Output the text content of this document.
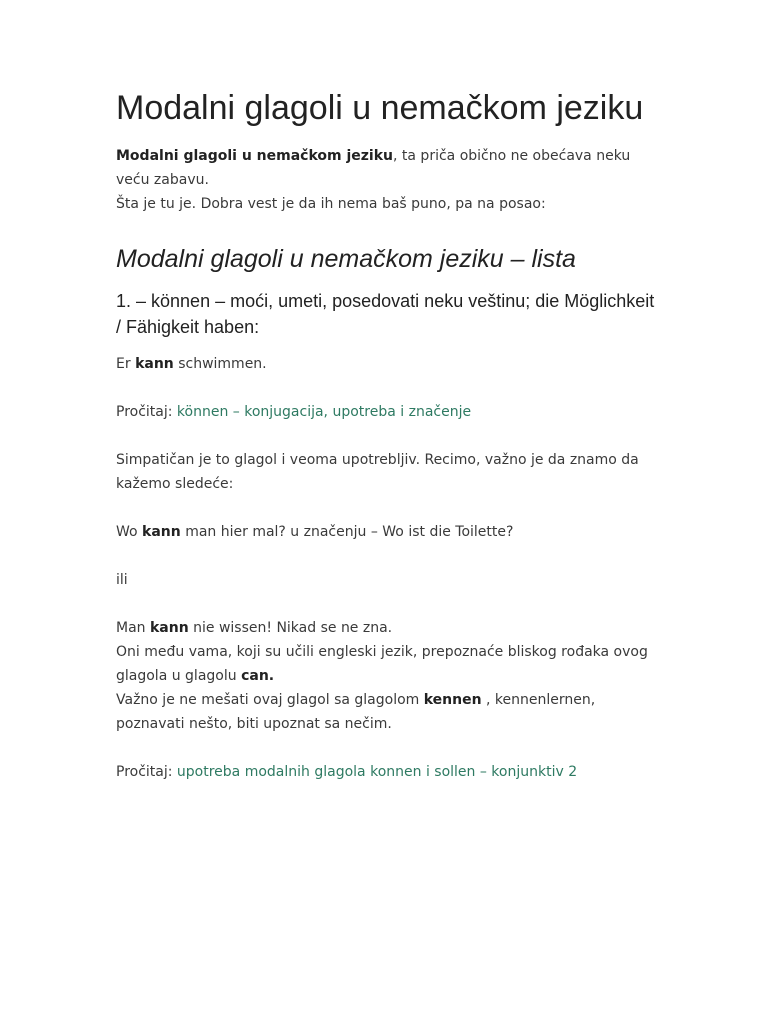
Modalni glagoli u nemačkom jeziku

Modalni glagoli u nemačkom jeziku, ta priča obično ne obećava neku veću zabavu.
Šta je tu je. Dobra vest je da ih nema baš puno, pa na posao:

Modalni glagoli u nemačkom jeziku – lista
1. – können – moći, umeti, posedovati neku veštinu; die Möglichkeit / Fähigkeit haben:

Er kann schwimmen.

Pročitaj: können – konjugacija, upotreba i značenje

Simpatičan je to glagol i veoma upotrebljiv. Recimo, važno je da znamo da kažemo sledeće:

Wo kann man hier mal? u značenju – Wo ist die Toilette?

ili

Man kann nie wissen! Nikad se ne zna.
Oni među vama, koji su učili engleski jezik, prepoznaće bliskog rođaka ovog glagola u glagolu can.
Važno je ne mešati ovaj glagol sa glagolom kennen , kennenlernen, poznavati nešto, biti upoznat sa nečim.

Pročitaj: upotreba modalnih glagola konnen i sollen – konjunktiv 2
